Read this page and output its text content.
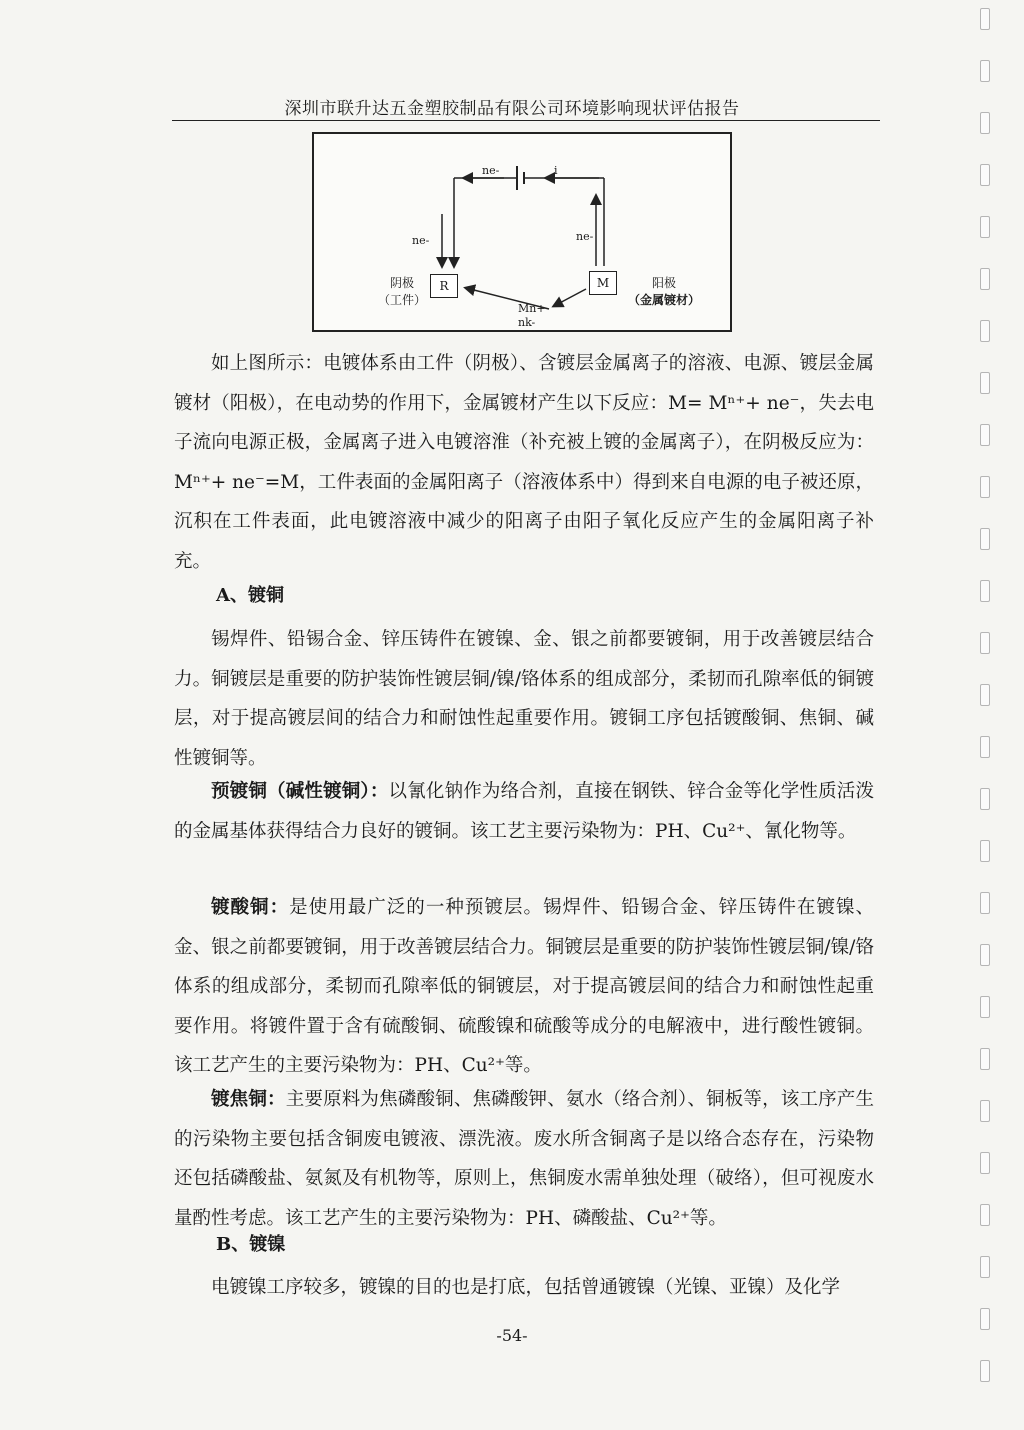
深圳市联升达五金塑胶制品有限公司环境影响现状评估报告
ne-	i
ne-	ne-
R	M
阴极
（工件）
阳极
（金属镀材）
Mn+
nk-

如上图所示：电镀体系由工件（阴极）、含镀层金属离子的溶液、电源、镀层金属镀材（阳极），在电动势的作用下，金属镀材产生以下反应：M= Mⁿ⁺+ ne⁻，失去电子流向电源正极，金属离子进入电镀溶淮（补充被上镀的金属离子），在阴极反应为：Mⁿ⁺+ ne⁻=M，工件表面的金属阳离子（溶液体系中）得到来自电源的电子被还原，沉积在工件表面，此电镀溶液中减少的阳离子由阳子氧化反应产生的金属阳离子补充。

A、镀铜

锡焊件、铅锡合金、锌压铸件在镀镍、金、银之前都要镀铜，用于改善镀层结合力。铜镀层是重要的防护装饰性镀层铜/镍/铬体系的组成部分，柔韧而孔隙率低的铜镀层，对于提高镀层间的结合力和耐蚀性起重要作用。镀铜工序包括镀酸铜、焦铜、碱性镀铜等。

预镀铜（碱性镀铜）：以氰化钠作为络合剂，直接在钢铁、锌合金等化学性质活泼的金属基体获得结合力良好的镀铜。该工艺主要污染物为：PH、Cu²⁺、氰化物等。

镀酸铜：是使用最广泛的一种预镀层。锡焊件、铅锡合金、锌压铸件在镀镍、金、银之前都要镀铜，用于改善镀层结合力。铜镀层是重要的防护装饰性镀层铜/镍/铬体系的组成部分，柔韧而孔隙率低的铜镀层，对于提高镀层间的结合力和耐蚀性起重要作用。将镀件置于含有硫酸铜、硫酸镍和硫酸等成分的电解液中，进行酸性镀铜。该工艺产生的主要污染物为：PH、Cu²⁺等。

镀焦铜：主要原料为焦磷酸铜、焦磷酸钾、氨水（络合剂）、铜板等，该工序产生的污染物主要包括含铜废电镀液、漂洗液。废水所含铜离子是以络合态存在，污染物还包括磷酸盐、氨氮及有机物等，原则上，焦铜废水需单独处理（破络），但可视废水量酌性考虑。该工艺产生的主要污染物为：PH、磷酸盐、Cu²⁺等。

B、镀镍

电镀镍工序较多，镀镍的目的也是打底，包括曾通镀镍（光镍、亚镍）及化学

-54-
